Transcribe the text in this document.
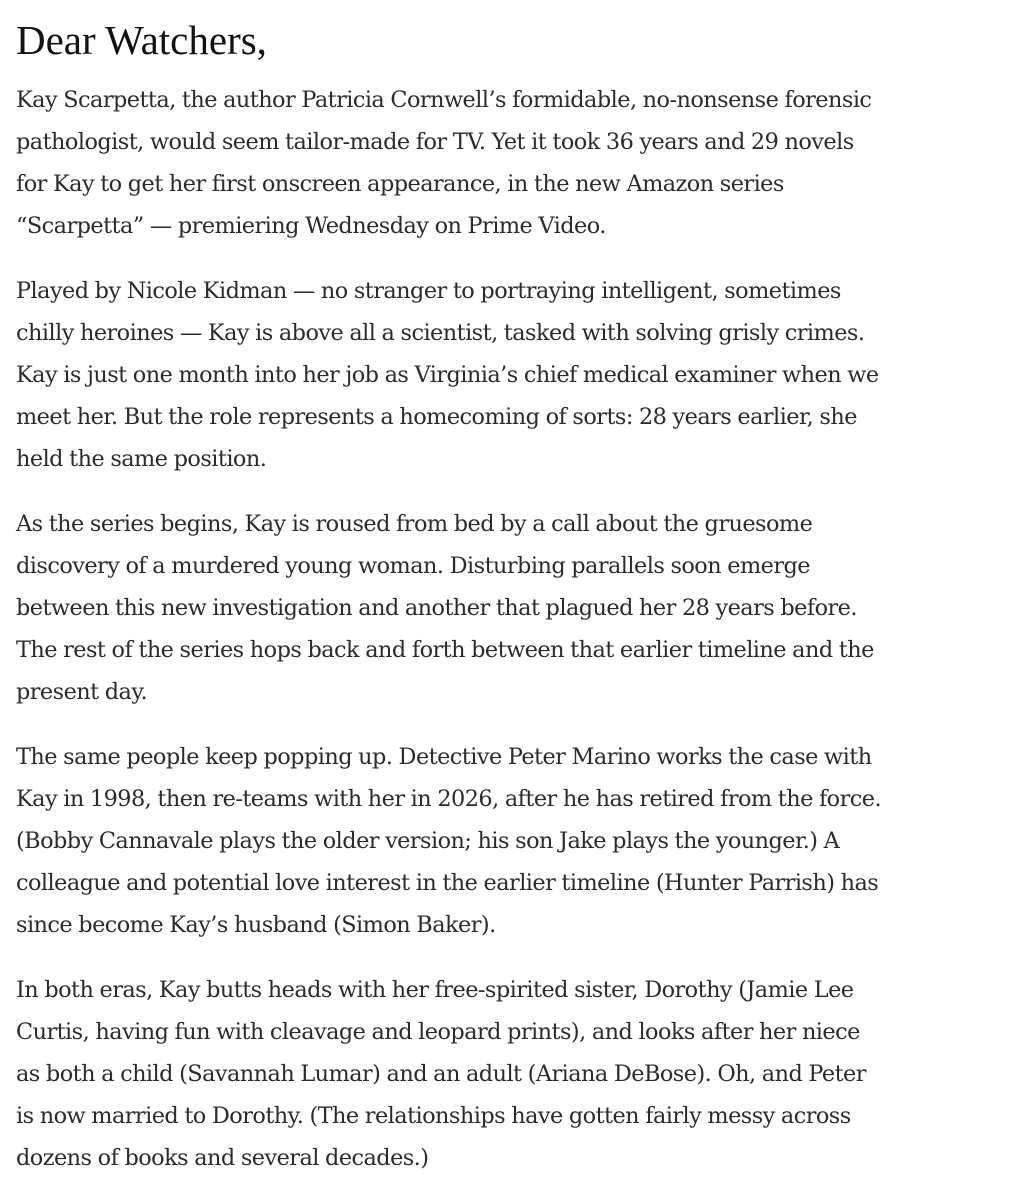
Dear Watchers,

Kay Scarpetta, the author Patricia Cornwell’s formidable, no-nonsense forensic
pathologist, would seem tailor-made for TV. Yet it took 36 years and 29 novels
for Kay to get her first onscreen appearance, in the new Amazon series
“Scarpetta” — premiering Wednesday on Prime Video.

Played by Nicole Kidman — no stranger to portraying intelligent, sometimes
chilly heroines — Kay is above all a scientist, tasked with solving grisly crimes.
Kay is just one month into her job as Virginia’s chief medical examiner when we
meet her. But the role represents a homecoming of sorts: 28 years earlier, she
held the same position.

As the series begins, Kay is roused from bed by a call about the gruesome
discovery of a murdered young woman. Disturbing parallels soon emerge
between this new investigation and another that plagued her 28 years before.
The rest of the series hops back and forth between that earlier timeline and the
present day.

The same people keep popping up. Detective Peter Marino works the case with
Kay in 1998, then re-teams with her in 2026, after he has retired from the force.
(Bobby Cannavale plays the older version; his son Jake plays the younger.) A
colleague and potential love interest in the earlier timeline (Hunter Parrish) has
since become Kay’s husband (Simon Baker).

In both eras, Kay butts heads with her free-spirited sister, Dorothy (Jamie Lee
Curtis, having fun with cleavage and leopard prints), and looks after her niece
as both a child (Savannah Lumar) and an adult (Ariana DeBose). Oh, and Peter
is now married to Dorothy. (The relationships have gotten fairly messy across
dozens of books and several decades.)
